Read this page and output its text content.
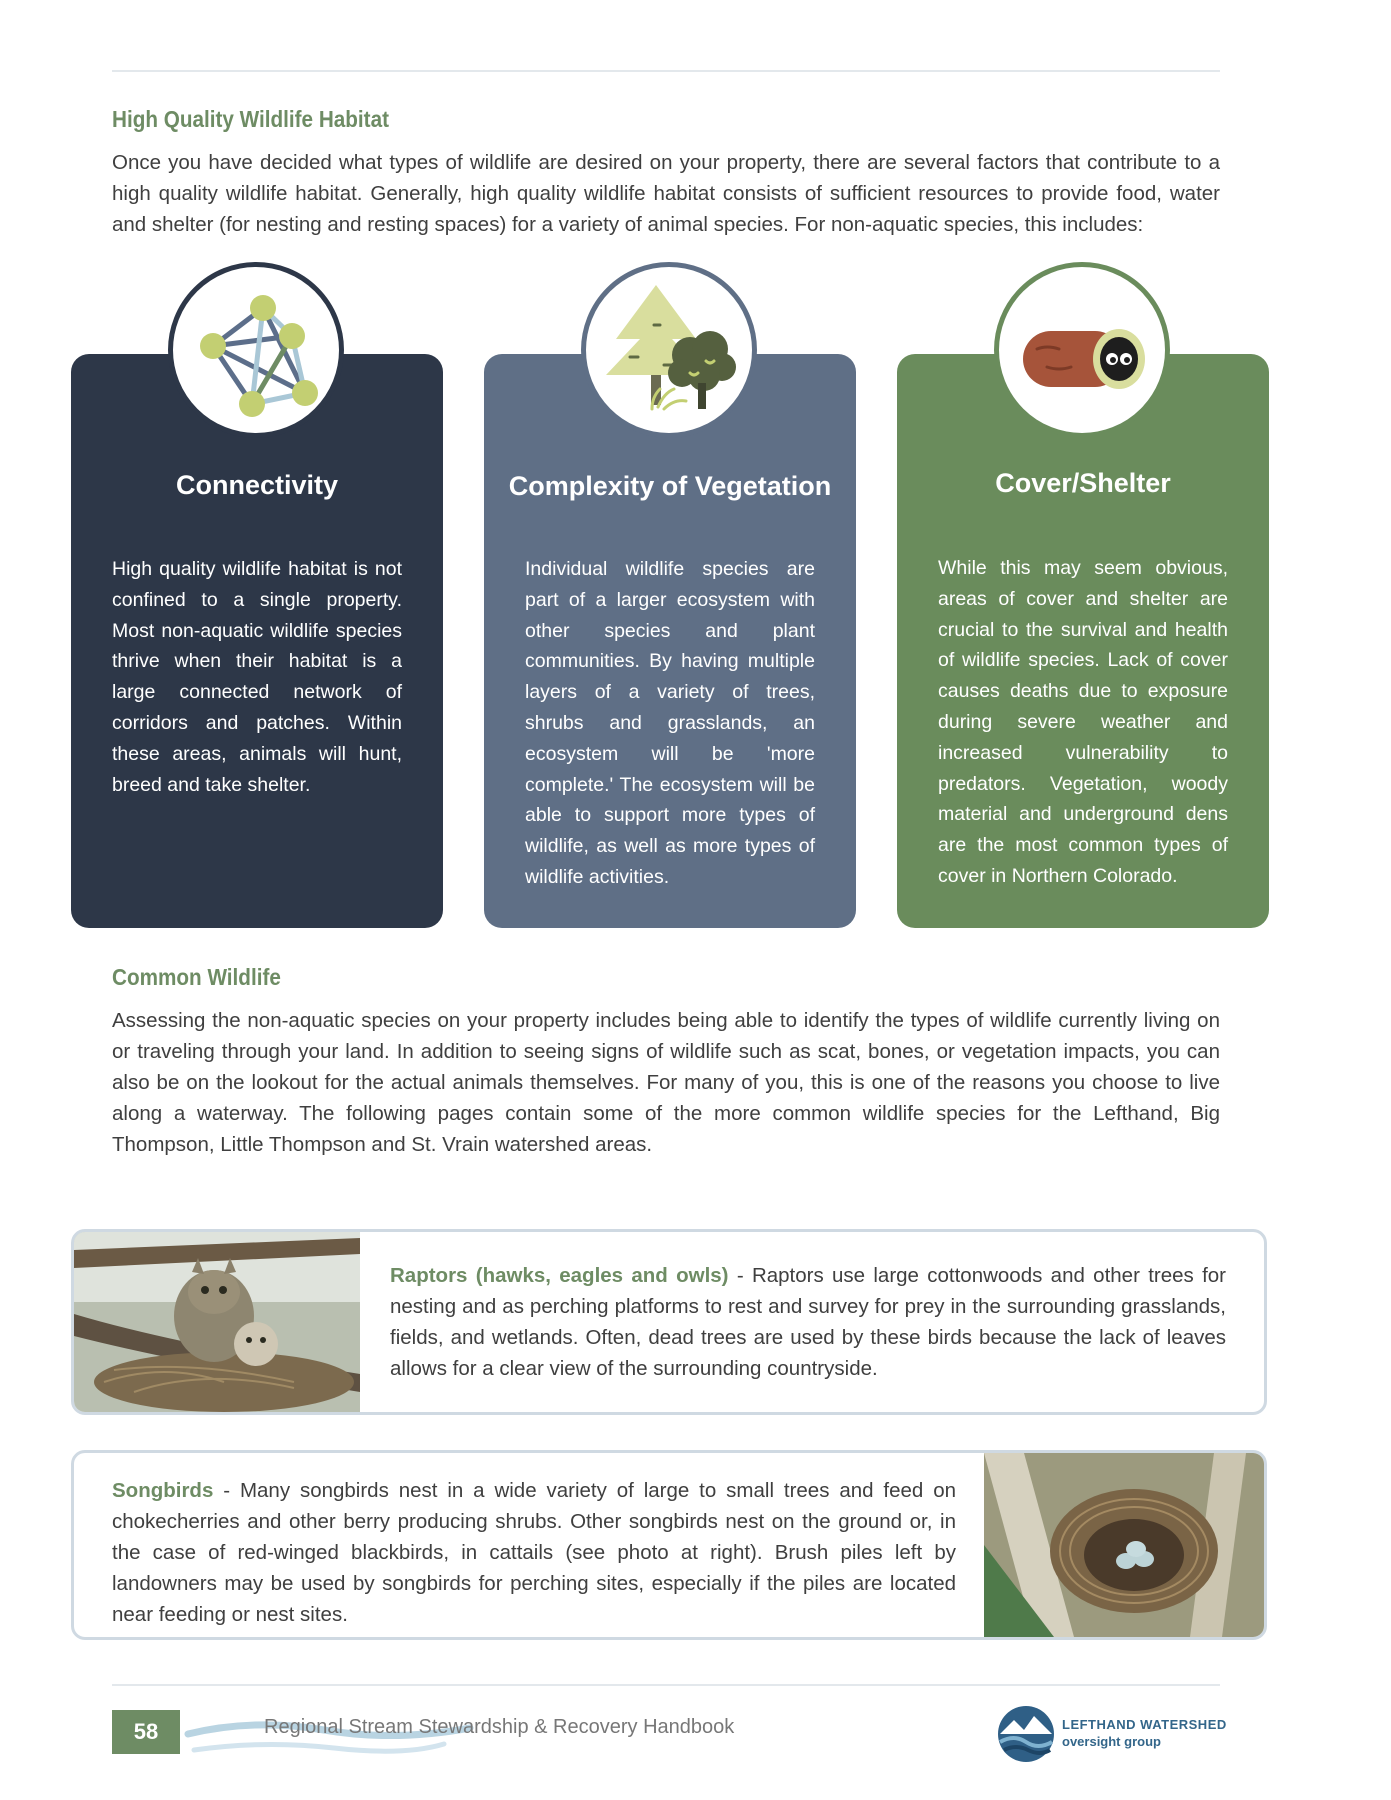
High Quality Wildlife Habitat

Once you have decided what types of wildlife are desired on your property, there are several factors that contribute to a high quality wildlife habitat. Generally, high quality wildlife habitat consists of sufficient resources to provide food, water and shelter (for nesting and resting spaces) for a variety of animal species. For non-aquatic species, this includes:

Connectivity

High quality wildlife habitat is not confined to a single property. Most non-aquatic wildlife species thrive when their habitat is a large connected network of corridors and patches. Within these areas, animals will hunt, breed and take shelter.

Complexity of Vegetation

Individual wildlife species are part of a larger ecosystem with other species and plant communities. By having multiple layers of a variety of trees, shrubs and grasslands, an ecosystem will be 'more complete.' The ecosystem will be able to support more types of wildlife, as well as more types of wildlife activities.

Cover/Shelter

While this may seem obvious, areas of cover and shelter are crucial to the survival and health of wildlife species. Lack of cover causes deaths due to exposure during severe weather and increased vulnerability to predators. Vegetation, woody material and underground dens are the most common types of cover in Northern Colorado.

Common Wildlife

Assessing the non-aquatic species on your property includes being able to identify the types of wildlife currently living on or traveling through your land. In addition to seeing signs of wildlife such as scat, bones, or vegetation impacts, you can also be on the lookout for the actual animals themselves. For many of you, this is one of the reasons you choose to live along a waterway. The following pages contain some of the more common wildlife species for the Lefthand, Big Thompson, Little Thompson and St. Vrain watershed areas.

Raptors (hawks, eagles and owls) - Raptors use large cottonwoods and other trees for nesting and as perching platforms to rest and survey for prey in the surrounding grasslands, fields, and wetlands. Often, dead trees are used by these birds because the lack of leaves allows for a clear view of the surrounding countryside.

Songbirds - Many songbirds nest in a wide variety of large to small trees and feed on chokecherries and other berry producing shrubs. Other songbirds nest on the ground or, in the case of red-winged blackbirds, in cattails (see photo at right). Brush piles left by landowners may be used by songbirds for perching sites, especially if the piles are located near feeding or nest sites.

58	Regional Stream Stewardship & Recovery Handbook	LEFTHAND WATERSHED

oversight group
